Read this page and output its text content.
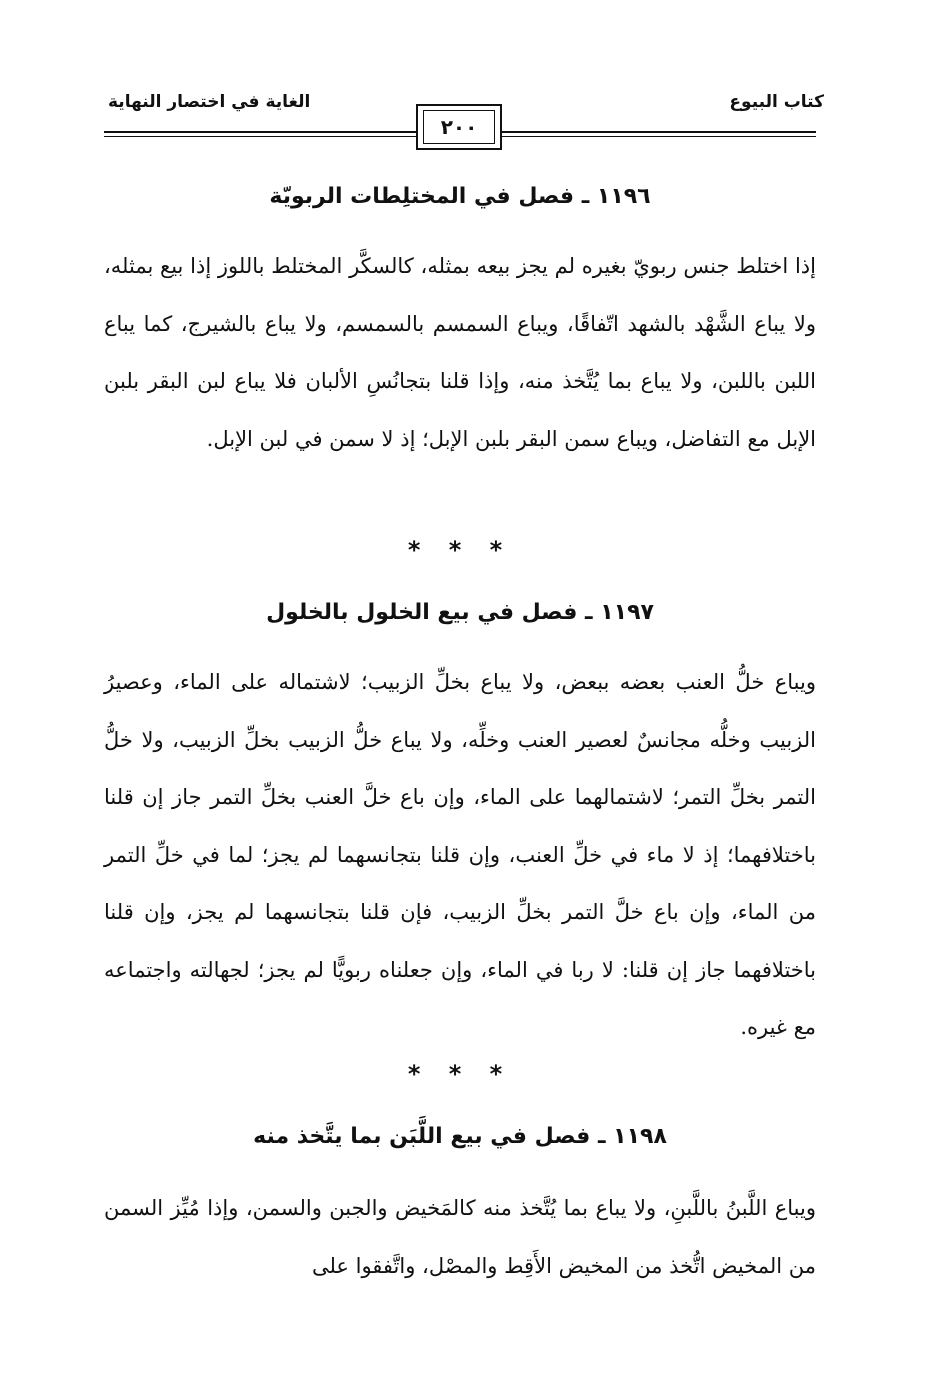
كتاب البيوع
الغاية في اختصار النهاية
٢٠٠
١١٩٦ ـ فصل في المختلِطات الربويّة

إذا اختلط جنس ربويّ بغيره لم يجز بيعه بمثله، كالسكَّر المختلط باللوز إذا بيع بمثله، ولا يباع الشَّهْد بالشهد اتّفاقًا، ويباع السمسم بالسمسم، ولا يباع بالشيرج، كما يباع اللبن باللبن، ولا يباع بما يُتَّخذ منه، وإذا قلنا بتجانُسِ الألبان فلا يباع لبن البقر بلبن الإبل مع التفاضل، ويباع سمن البقر بلبن الإبل؛ إذ لا سمن في لبن الإبل.

* * *
١١٩٧ ـ فصل في بيع الخلول بالخلول

ويباع خلُّ العنب بعضه ببعض، ولا يباع بخلِّ الزبيب؛ لاشتماله على الماء، وعصيرُ الزبيب وخلُّه مجانسٌ لعصير العنب وخلِّه، ولا يباع خلُّ الزبيب بخلِّ الزبيب، ولا خلُّ التمر بخلِّ التمر؛ لاشتمالهما على الماء، وإن باع خلَّ العنب بخلِّ التمر جاز إن قلنا باختلافهما؛ إذ لا ماء في خلِّ العنب، وإن قلنا بتجانسهما لم يجز؛ لما في خلِّ التمر من الماء، وإن باع خلَّ التمر بخلِّ الزبيب، فإن قلنا بتجانسهما لم يجز، وإن قلنا باختلافهما جاز إن قلنا: لا ربا في الماء، وإن جعلناه ربويًّا لم يجز؛ لجهالته واجتماعه مع غيره.

* * *
١١٩٨ ـ فصل في بيع اللَّبَن بما يتَّخذ منه

ويباع اللَّبنُ باللَّبنِ، ولا يباع بما يُتَّخذ منه كالمَخيض والجبن والسمن، وإذا مُيِّز السمن من المخيض اتُّخذ من المخيض الأَقِط والمصْل، واتَّفقوا على
